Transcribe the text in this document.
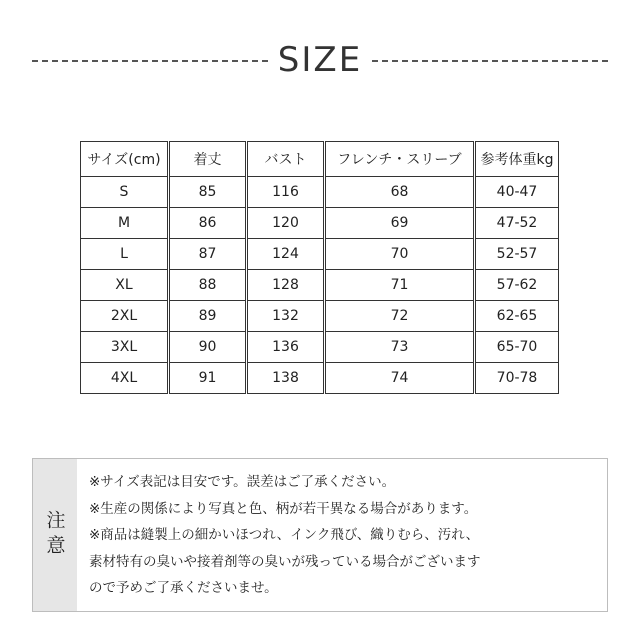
SIZE
サイズ(cm)	着丈	バスト	フレンチ・スリーブ	参考体重kg
S	85	116	68	40-47
M	86	120	69	47-52
L	87	124	70	52-57
XL	88	128	71	57-62
2XL	89	132	72	62-65
3XL	90	136	73	65-70
4XL	91	138	74	70-78
注意

※サイズ表記は目安です。誤差はご了承ください。

※生産の関係により写真と色、柄が若干異なる場合があります。

※商品は縫製上の細かいほつれ、インク飛び、織りむら、汚れ、

素材特有の臭いや接着剤等の臭いが残っている場合がございます

ので予めご了承くださいませ。
